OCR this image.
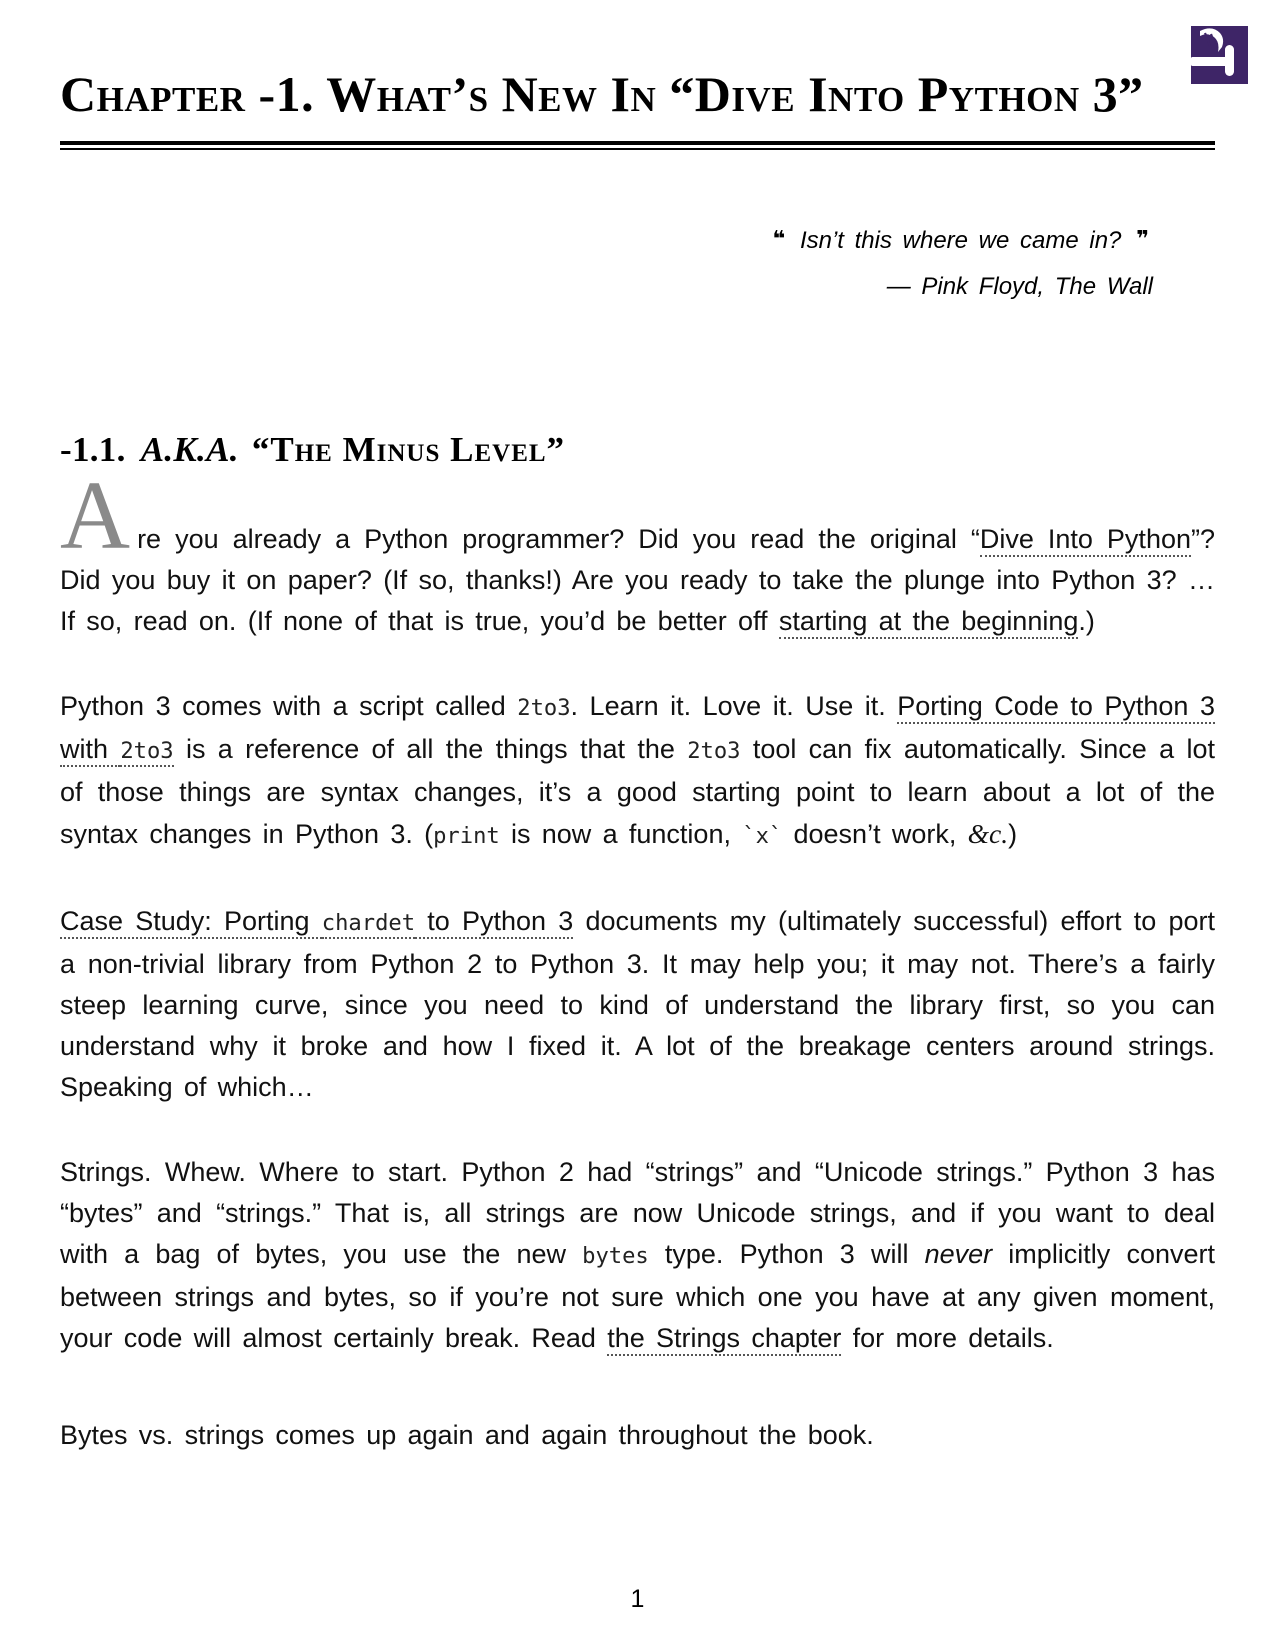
Chapter -1. What’s New In “Dive Into Python 3”
❝ Isn’t this where we came in? ❞
— Pink Floyd, The Wall
-1.1. A.K.A. “The Minus Level”

Are you already a Python programmer? Did you read the original “Dive Into Python”? Did you buy it on paper? (If so, thanks!) Are you ready to take the plunge into Python 3? … If so, read on. (If none of that is true, you’d be better off starting at the beginning.)

Python 3 comes with a script called 2to3. Learn it. Love it. Use it. Porting Code to Python 3 with 2to3 is a reference of all the things that the 2to3 tool can fix automatically. Since a lot of those things are syntax changes, it’s a good starting point to learn about a lot of the syntax changes in Python 3. (print is now a function, `x` doesn’t work, &c.)

Case Study: Porting chardet to Python 3 documents my (ultimately successful) effort to port a non-trivial library from Python 2 to Python 3. It may help you; it may not. There’s a fairly steep learning curve, since you need to kind of understand the library first, so you can understand why it broke and how I fixed it. A lot of the breakage centers around strings. Speaking of which…

Strings. Whew. Where to start. Python 2 had “strings” and “Unicode strings.” Python 3 has “bytes” and “strings.” That is, all strings are now Unicode strings, and if you want to deal with a bag of bytes, you use the new bytes type. Python 3 will never implicitly convert between strings and bytes, so if you’re not sure which one you have at any given moment, your code will almost certainly break. Read the Strings chapter for more details.

Bytes vs. strings comes up again and again throughout the book.

1
